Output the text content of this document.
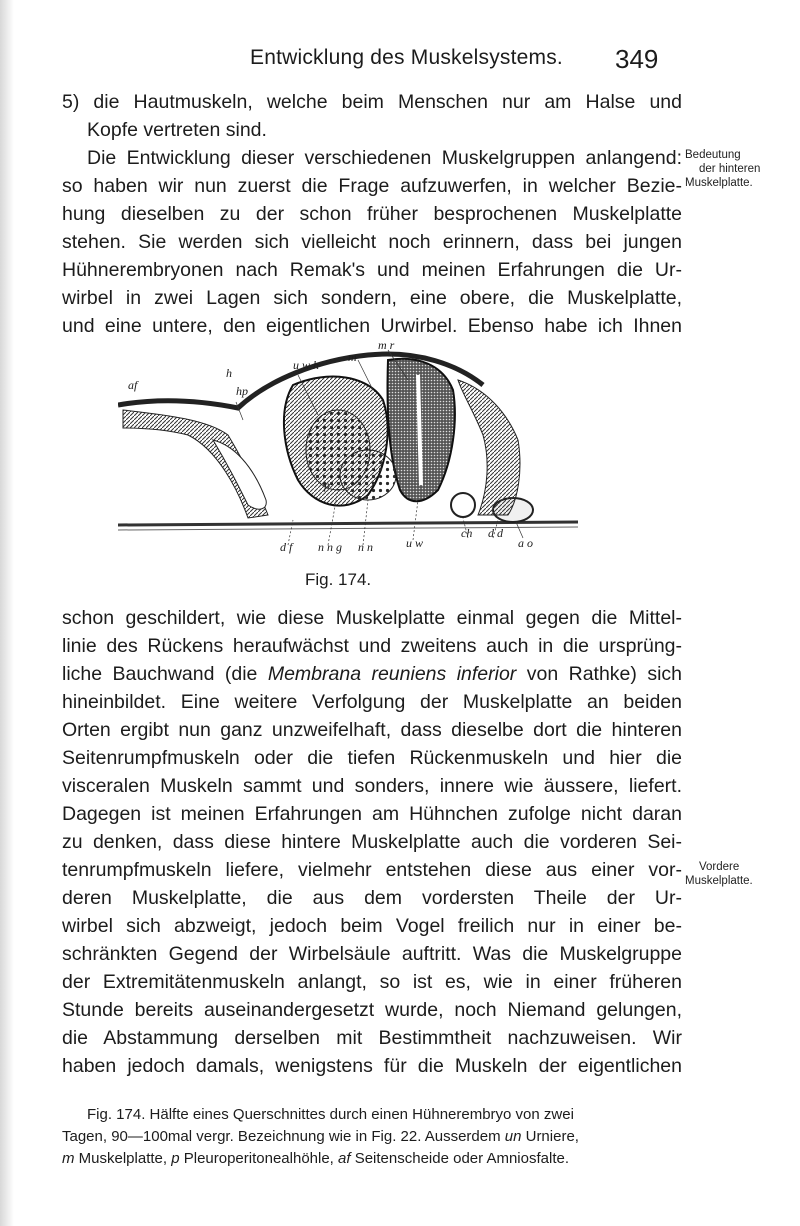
Entwicklung des Muskelsystems. 349
5) die Hautmuskeln, welche beim Menschen nur am Halse und
Kopfe vertreten sind.
Die Entwicklung dieser verschiedenen Muskelgruppen anlangend:
so haben wir nun zuerst die Frage aufzuwerfen, in welcher Bezie-
hung dieselben zu der schon früher besprochenen Muskelplatte
stehen. Sie werden sich vielleicht noch erinnern, dass bei jungen
Hühnerembryonen nach Remak's und meinen Erfahrungen die Ur-
wirbel in zwei Lagen sich sondern, eine obere, die Muskelplatte,
und eine untere, den eigentlichen Urwirbel. Ebenso habe ich Ihnen
Bedeutung
der hinteren
Muskelplatte.
m r
u w h
m
h
af	hp
p
d f n n g n n	u w
ch d d
a o
Fig. 174.
schon geschildert, wie diese Muskelplatte einmal gegen die Mittel-
linie des Rückens heraufwächst und zweitens auch in die ursprüng-
liche Bauchwand (die Membrana reuniens inferior von Rathke) sich
hineinbildet. Eine weitere Verfolgung der Muskelplatte an beiden
Orten ergibt nun ganz unzweifelhaft, dass dieselbe dort die hinteren
Seitenrumpfmuskeln oder die tiefen Rückenmuskeln und hier die
visceralen Muskeln sammt und sonders, innere wie äussere, liefert.
Dagegen ist meinen Erfahrungen am Hühnchen zufolge nicht daran
zu denken, dass diese hintere Muskelplatte auch die vorderen Sei-
tenrumpfmuskeln liefere, vielmehr entstehen diese aus einer vor-
deren Muskelplatte, die aus dem vordersten Theile der Ur-
wirbel sich abzweigt, jedoch beim Vogel freilich nur in einer be-
schränkten Gegend der Wirbelsäule auftritt. Was die Muskelgruppe
der Extremitätenmuskeln anlangt, so ist es, wie in einer früheren
Stunde bereits auseinandergesetzt wurde, noch Niemand gelungen,
die Abstammung derselben mit Bestimmtheit nachzuweisen. Wir
haben jedoch damals, wenigstens für die Muskeln der eigentlichen
Vordere
Muskelplatte.
Fig. 174. Hälfte eines Querschnittes durch einen Hühnerembryo von zwei
Tagen, 90—100mal vergr. Bezeichnung wie in Fig. 22. Ausserdem un Urniere,
m Muskelplatte, p Pleuroperitonealhöhle, af Seitenscheide oder Amniosfalte.
